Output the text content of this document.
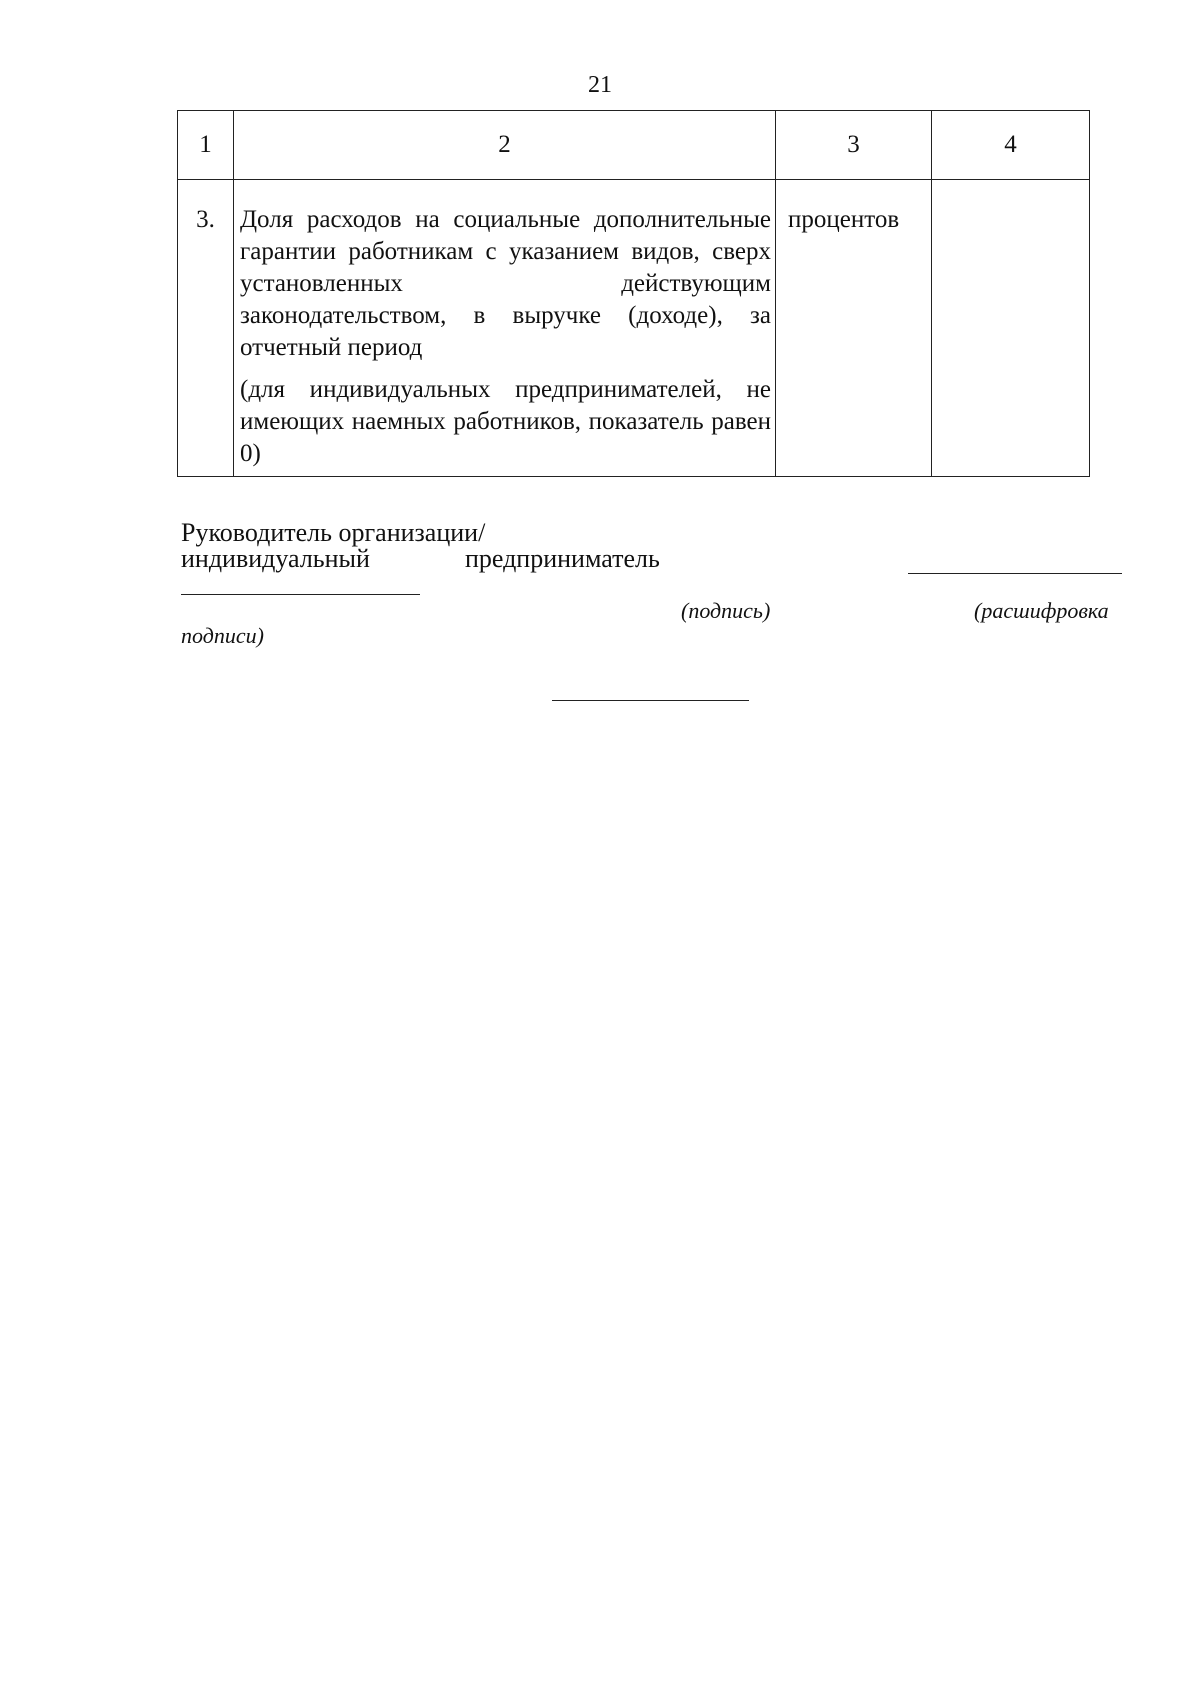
21
1	2	3	4
3.	Доля расходов на социальные дополнительные гарантии работникам с указанием видов, сверх установленных действующим законодательством, в выручке (доходе), за отчетный период

(для индивидуальных предпринимателей, не имеющих наемных работников, показатель равен 0)	процентов	
Руководитель организации/
индивидуальный	предприниматель
(подпись)	(расшифровка
подписи)
